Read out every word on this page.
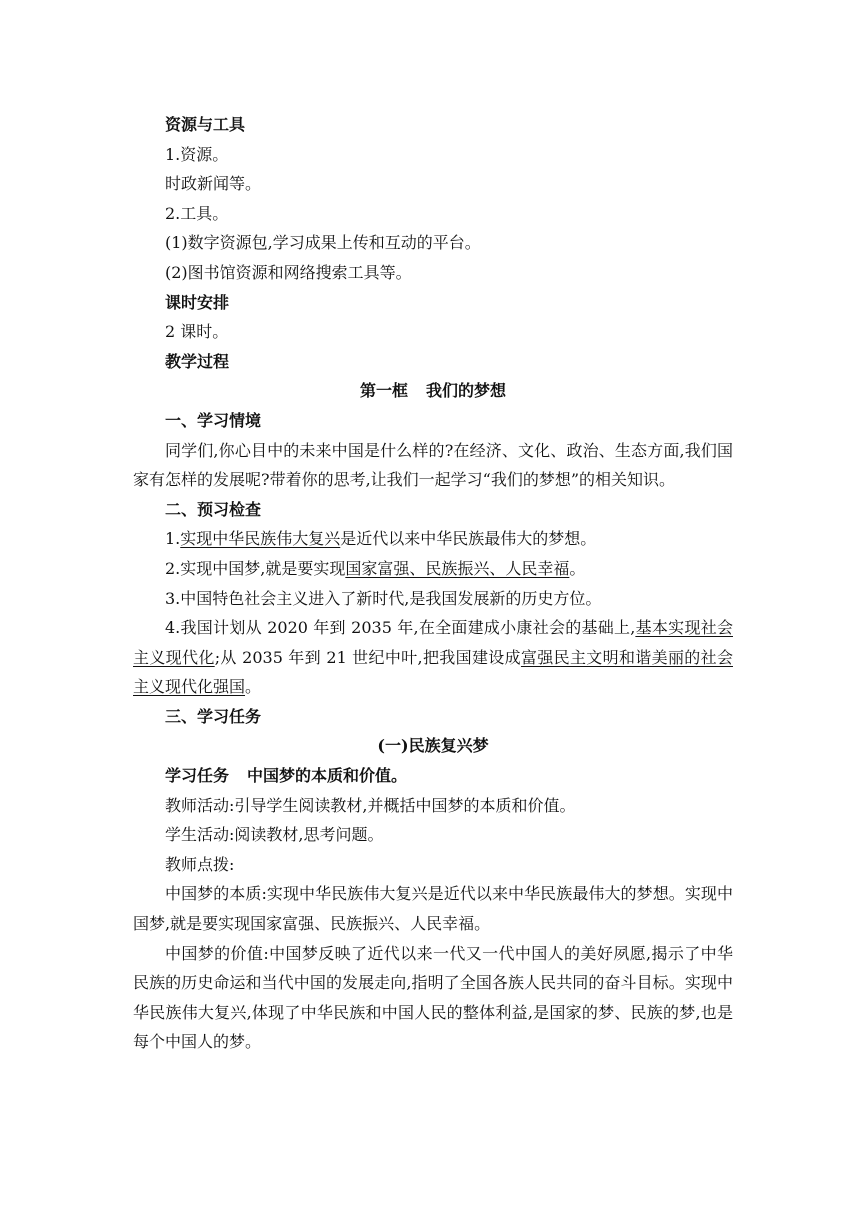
资源与工具
1.资源。
时政新闻等。
2.工具。
(1)数字资源包,学习成果上传和互动的平台。
(2)图书馆资源和网络搜索工具等。
课时安排
2 课时。
教学过程
第一框 我们的梦想
一、学习情境
同学们,你心目中的未来中国是什么样的?在经济、文化、政治、生态方面,我们国家有怎样的发展呢?带着你的思考,让我们一起学习“我们的梦想”的相关知识。
二、预习检查
1.实现中华民族伟大复兴是近代以来中华民族最伟大的梦想。
2.实现中国梦,就是要实现国家富强、民族振兴、人民幸福。
3.中国特色社会主义进入了新时代,是我国发展新的历史方位。
4.我国计划从 2020 年到 2035 年,在全面建成小康社会的基础上,基本实现社会主义现代化;从 2035 年到 21 世纪中叶,把我国建设成富强民主文明和谐美丽的社会主义现代化强国。
三、学习任务
(一)民族复兴梦
学习任务 中国梦的本质和价值。
教师活动:引导学生阅读教材,并概括中国梦的本质和价值。
学生活动:阅读教材,思考问题。
教师点拨:
中国梦的本质:实现中华民族伟大复兴是近代以来中华民族最伟大的梦想。实现中国梦,就是要实现国家富强、民族振兴、人民幸福。
中国梦的价值:中国梦反映了近代以来一代又一代中国人的美好夙愿,揭示了中华民族的历史命运和当代中国的发展走向,指明了全国各族人民共同的奋斗目标。实现中华民族伟大复兴,体现了中华民族和中国人民的整体利益,是国家的梦、民族的梦,也是每个中国人的梦。
